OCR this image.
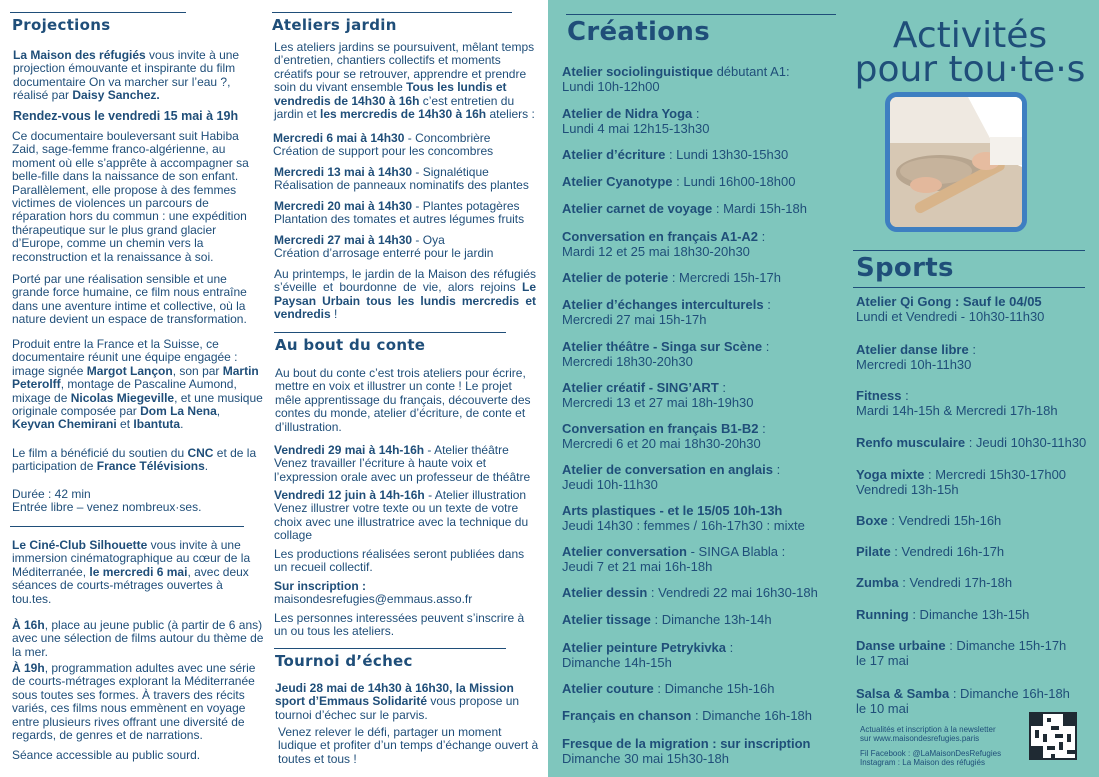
Projections
La Maison des réfugiés vous invite à une projection émouvante et inspirante du film documentaire On va marcher sur l’eau ?, réalisé par Daisy Sanchez.
Rendez-vous le vendredi 15 mai à 19h
Ce documentaire bouleversant suit Habiba Zaid, sage-femme franco-algérienne, au moment où elle s’apprête à accompagner sa belle-fille dans la naissance de son enfant. Parallèlement, elle propose à des femmes victimes de violences un parcours de réparation hors du commun : une expédition thérapeutique sur le plus grand glacier d’Europe, comme un chemin vers la reconstruction et la renaissance à soi.
Porté par une réalisation sensible et une grande force humaine, ce film nous entraîne dans une aventure intime et collective, où la nature devient un espace de transformation.
Produit entre la France et la Suisse, ce documentaire réunit une équipe engagée : image signée Margot Lançon, son par Martin Peterolff, montage de Pascaline Aumond, mixage de Nicolas Miegeville, et une musique originale composée par Dom La Nena, Keyvan Chemirani et Ibantuta.
Le film a bénéficié du soutien du CNC et de la participation de France Télévisions.
Durée : 42 min
Entrée libre – venez nombreux·ses.
Le Ciné-Club Silhouette vous invite à une immersion cinématographique au cœur de la Méditerranée, le mercredi 6 mai, avec deux séances de courts-métrages ouvertes à tou.tes.
À 16h, place au jeune public (à partir de 6 ans) avec une sélection de films autour du thème de la mer.
À 19h, programmation adultes avec une série de courts-métrages explorant la Méditerranée sous toutes ses formes. À travers des récits variés, ces films nous emmènent en voyage entre plusieurs rives offrant une diversité de regards, de genres et de narrations.
Séance accessible au public sourd.
Ateliers jardin
Les ateliers jardins se poursuivent, mêlant temps d’entretien, chantiers collectifs et moments créatifs pour se retrouver, apprendre et prendre soin du vivant ensemble Tous les lundis et vendredis de 14h30 à 16h c’est entretien du jardin et les mercredis de 14h30 à 16h ateliers :
Mercredi 6 mai à 14h30 - Concombrière
Création de support pour les concombres
Mercredi 13 mai à 14h30 - Signalétique
Réalisation de panneaux nominatifs des plantes
Mercredi 20 mai à 14h30 - Plantes potagères
Plantation des tomates et autres légumes fruits
Mercredi 27 mai à 14h30 - Oya
Création d’arrosage enterré pour le jardin
Au printemps, le jardin de la Maison des réfugiés s’éveille et bourdonne de vie, alors rejoins Le Paysan Urbain tous les lundis mercredis et vendredis !
Au bout du conte
Au bout du conte c’est trois ateliers pour écrire, mettre en voix et illustrer un conte ! Le projet mêle apprentissage du français, découverte des contes du monde, atelier d’écriture, de conte et d’illustration.
Vendredi 29 mai à 14h-16h - Atelier théâtre
Venez travailler l’écriture à haute voix et l’expression orale avec un professeur de théâtre
Vendredi 12 juin à 14h-16h - Atelier illustration
Venez illustrer votre texte ou un texte de votre choix avec une illustratrice avec la technique du collage
Les productions réalisées seront publiées dans un recueil collectif.
Sur inscription :
maisondesrefugies@emmaus.asso.fr
Les personnes interessées peuvent s’inscrire à un ou tous les ateliers.
Tournoi d’échec
Jeudi 28 mai de 14h30 à 16h30, la Mission sport d’Emmaus Solidarité vous propose un tournoi d’échec sur le parvis.
Venez relever le défi, partager un moment ludique et profiter d’un temps d’échange ouvert à toutes et tous !
Créations
Atelier sociolinguistique débutant A1:
Lundi 10h-12h00
Atelier de Nidra Yoga :
Lundi 4 mai 12h15-13h30
Atelier d’écriture : Lundi 13h30-15h30
Atelier Cyanotype : Lundi 16h00-18h00
Atelier carnet de voyage : Mardi 15h-18h
Conversation en français A1-A2 :
Mardi 12 et 25 mai 18h30-20h30
Atelier de poterie : Mercredi 15h-17h
Atelier d’échanges interculturels :
Mercredi 27 mai 15h-17h
Atelier théâtre - Singa sur Scène :
Mercredi 18h30-20h30
Atelier créatif - SING’ART :
Mercredi 13 et 27 mai 18h-19h30
Conversation en français B1-B2 :
Mercredi 6 et 20 mai 18h30-20h30
Atelier de conversation en anglais :
Jeudi 10h-11h30
Arts plastiques - et le 15/05 10h-13h
Jeudi 14h30 : femmes / 16h-17h30 : mixte
Atelier conversation - SINGA Blabla :
Jeudi 7 et 21 mai 16h-18h
Atelier dessin : Vendredi 22 mai 16h30-18h
Atelier tissage : Dimanche 13h-14h
Atelier peinture Petrykivka :
Dimanche 14h-15h
Atelier couture : Dimanche 15h-16h
Français en chanson : Dimanche 16h-18h
Fresque de la migration : sur inscription
Dimanche 30 mai 15h30-18h
Activités
pour tou·te·s
Sports
Atelier Qi Gong : Sauf le 04/05
Lundi et Vendredi - 10h30-11h30
Atelier danse libre :
Mercredi 10h-11h30
Fitness :
Mardi 14h-15h & Mercredi 17h-18h
Renfo musculaire : Jeudi 10h30-11h30
Yoga mixte : Mercredi 15h30-17h00
Vendredi 13h-15h
Boxe : Vendredi 15h-16h
Pilate : Vendredi 16h-17h
Zumba : Vendredi 17h-18h
Running : Dimanche 13h-15h
Danse urbaine : Dimanche 15h-17h
le 17 mai
Salsa & Samba : Dimanche 16h-18h
le 10 mai
Actualités et inscription à la newsletter
sur www.maisondesrefugies.paris
Fil Facebook : @LaMaisonDesRefugies
Instagram : La Maison des réfugiés
